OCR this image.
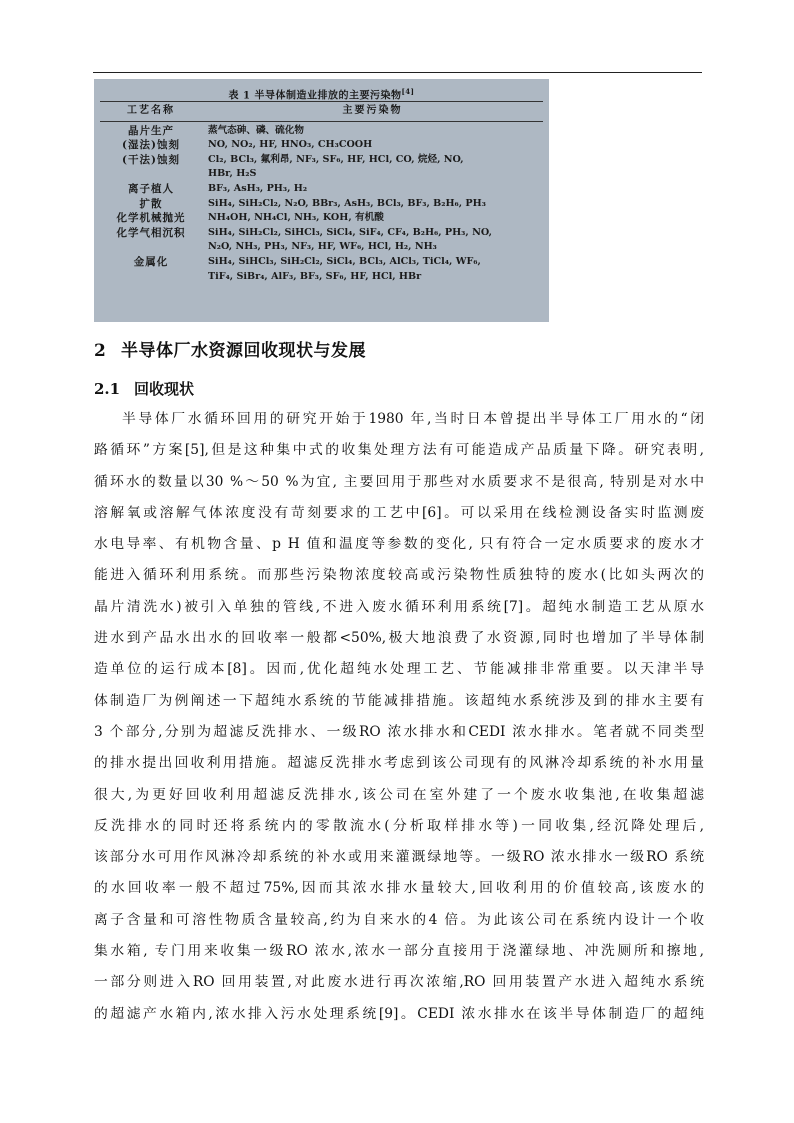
表 1 半导体制造业排放的主要污染物[4]
工艺名称	主要污染物
晶片生产	蒸气态砷、磷、硫化物
(湿法)蚀刻	NO, NO₂, HF, HNO₃, CH₃COOH
(干法)蚀刻	Cl₂, BCl₃, 氟利昂, NF₃, SF₆, HF, HCl, CO, 烷烃, NO,
HBr, H₂S
离子植人	BF₃, AsH₃, PH₃, H₂
扩散	SiH₄, SiH₂Cl₂, N₂O, BBr₃, AsH₃, BCl₃, BF₃, B₂H₆, PH₃
化学机械抛光	NH₄OH, NH₄Cl, NH₃, KOH, 有机酸
化学气相沉积	SiH₄, SiH₂Cl₂, SiHCl₃, SiCl₄, SiF₄, CF₄, B₂H₆, PH₃, NO,
N₂O, NH₃, PH₃, NF₃, HF, WF₆, HCl, H₂, NH₃
金属化	SiH₄, SiHCl₃, SiH₂Cl₂, SiCl₄, BCl₃, AlCl₃, TiCl₄, WF₆,
TiF₄, SiBr₄, AlF₃, BF₃, SF₆, HF, HCl, HBr
2 半导体厂水资源回收现状与发展
2.1 回收现状
半导体厂水循环回用的研究开始于1980 年,当时日本曾提出半导体工厂用水的“闭
路循环”方案[5],但是这种集中式的收集处理方法有可能造成产品质量下降。研究表明,
循环水的数量以30 %～50 %为宜, 主要回用于那些对水质要求不是很高, 特别是对水中
溶解氧或溶解气体浓度没有苛刻要求的工艺中[6]。可以采用在线检测设备实时监测废
水电导率、有机物含量、p H 值和温度等参数的变化, 只有符合一定水质要求的废水才
能进入循环利用系统。而那些污染物浓度较高或污染物性质独特的废水(比如头两次的
晶片清洗水)被引入单独的管线,不进入废水循环利用系统[7]。超纯水制造工艺从原水
进水到产品水出水的回收率一般都<50%,极大地浪费了水资源,同时也增加了半导体制
造单位的运行成本[8]。因而,优化超纯水处理工艺、节能减排非常重要。以天津半导
体制造厂为例阐述一下超纯水系统的节能减排措施。该超纯水系统涉及到的排水主要有
3 个部分,分别为超滤反洗排水、一级RO 浓水排水和CEDI 浓水排水。笔者就不同类型
的排水提出回收利用措施。超滤反洗排水考虑到该公司现有的风淋冷却系统的补水用量
很大,为更好回收利用超滤反洗排水,该公司在室外建了一个废水收集池,在收集超滤
反洗排水的同时还将系统内的零散流水(分析取样排水等)一同收集,经沉降处理后,
该部分水可用作风淋冷却系统的补水或用来灌溉绿地等。一级RO 浓水排水一级RO 系统
的水回收率一般不超过75%,因而其浓水排水量较大,回收利用的价值较高,该废水的
离子含量和可溶性物质含量较高,约为自来水的4 倍。为此该公司在系统内设计一个收
集水箱, 专门用来收集一级RO 浓水,浓水一部分直接用于浇灌绿地、冲洗厕所和擦地,
一部分则进入RO 回用装置,对此废水进行再次浓缩,RO 回用装置产水进入超纯水系统
的超滤产水箱内,浓水排入污水处理系统[9]。CEDI 浓水排水在该半导体制造厂的超纯
